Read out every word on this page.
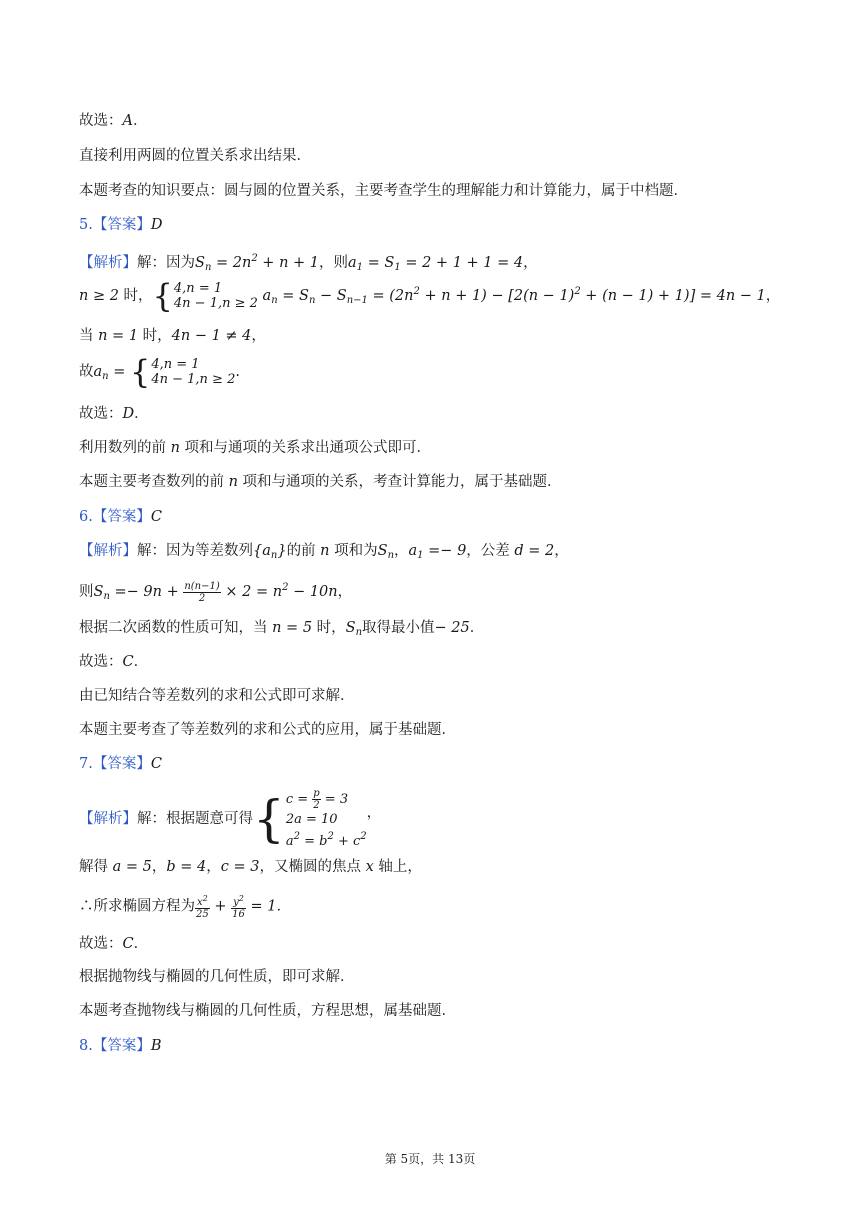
故选：A．
直接利用两圆的位置关系求出结果．
本题考查的知识要点：圆与圆的位置关系，主要考查学生的理解能力和计算能力，属于中档题．
5.【答案】D
【解析】解：因为$S_n = 2n^2 + n + 1$，则$a_1 = S_1 = 2 + 1 + 1 = 4$，
n ≥ 2 时，{ 4,n = 1
4n − 1,n ≥ 2 $a_n = S_n - S_{n-1} = (2n^2 + n + 1) - [2(n - 1)^2 + (n - 1) + 1)] = 4n - 1$，
当 n = 1 时，4n − 1 ≠ 4，
故$a_n$ = { 4,n = 1
4n − 1,n ≥ 2 .
故选：D．
利用数列的前 n 项和与通项的关系求出通项公式即可．
本题主要考查数列的前 n 项和与通项的关系，考查计算能力，属于基础题．
6.【答案】C
【解析】解：因为等差数列$\{a_n\}$的前 n 项和为$S_n$，$a_1 =- 9$，公差 d = 2，
则$S_n =- 9n + \frac{n(n-1)}{2} \times 2 = n^2 - 10n$，
根据二次函数的性质可知，当 n = 5 时，$S_n$取得最小值− 25．
故选：C．
由已知结合等差数列的求和公式即可求解．
本题主要考查了等差数列的求和公式的应用，属于基础题．
7.【答案】C
【解析】解：根据题意可得{ $c = \frac{p}{2} = 3$
2a = 10
$a^2 = b^2 + c^2$
，
解得 a = 5，b = 4，c = 3，又椭圆的焦点 x 轴上，
∴所求椭圆方程为 $\frac{x^2}{25} + \frac{y^2}{16} = 1$．
故选：C．
根据抛物线与椭圆的几何性质，即可求解．
本题考查抛物线与椭圆的几何性质，方程思想，属基础题．
8.【答案】B
第 5页，共 13页
